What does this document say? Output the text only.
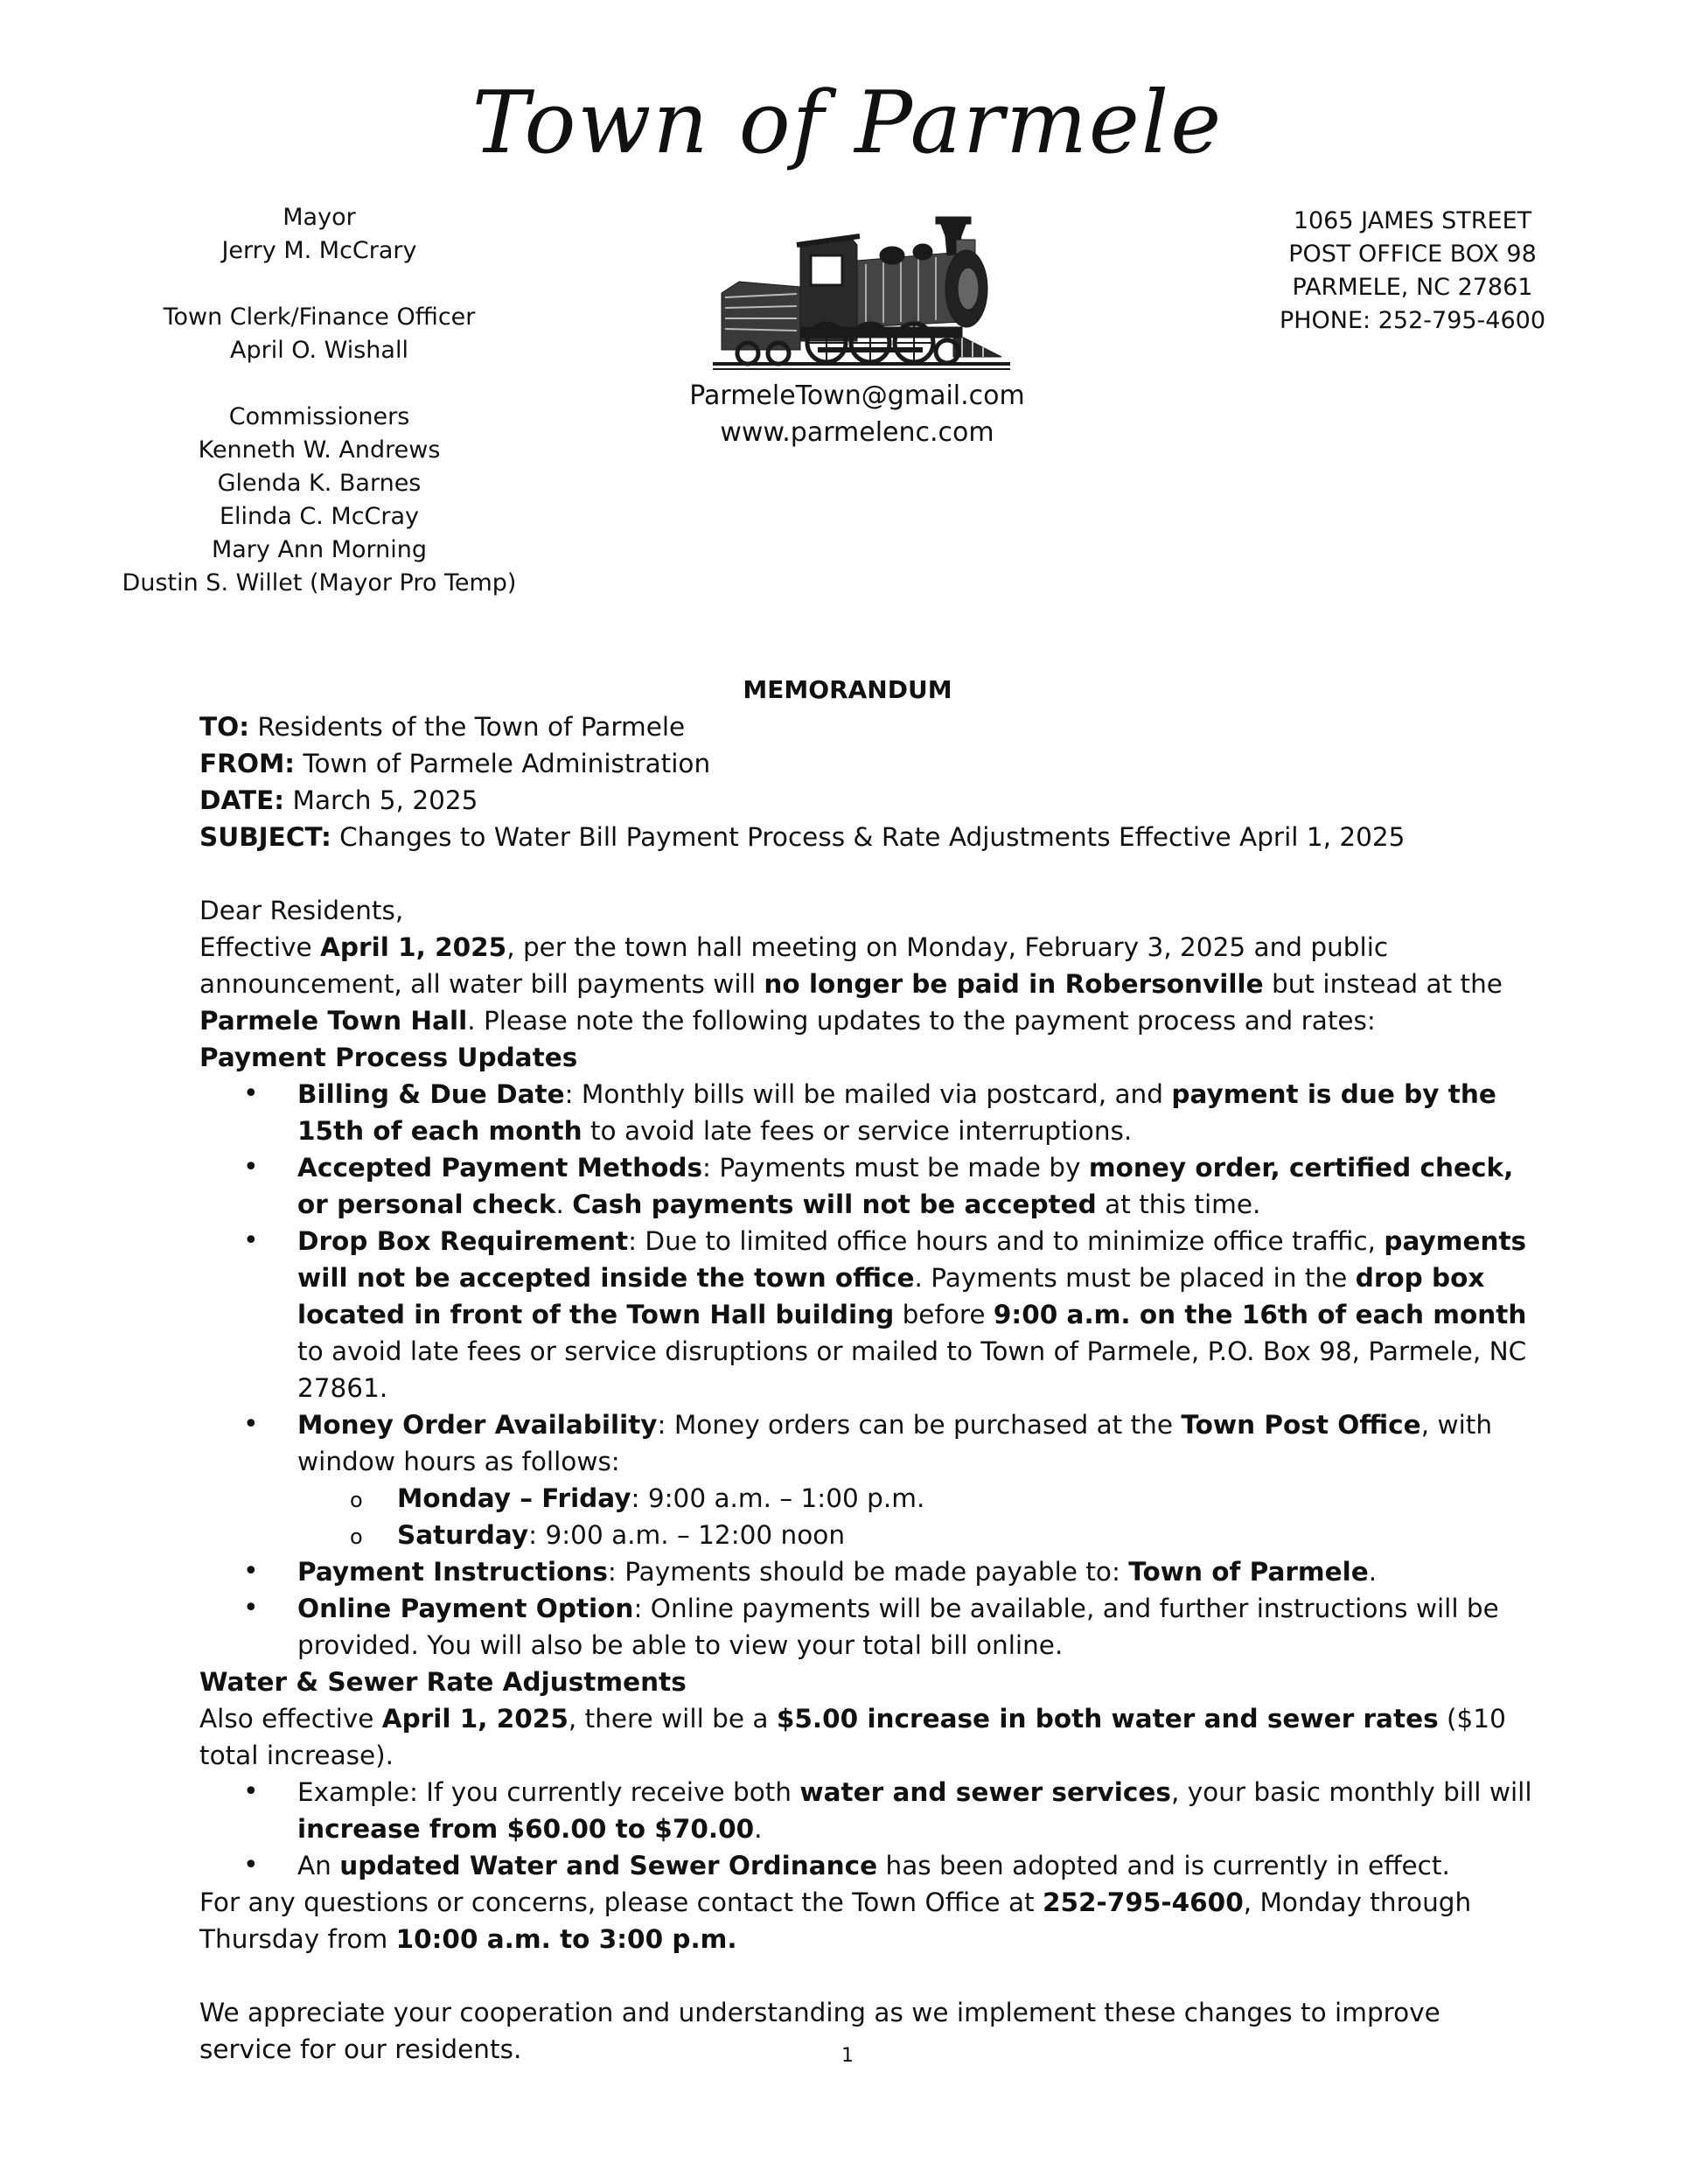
Town of Parmele
Mayor
Jerry M. McCrary
Town Clerk/Finance Officer
April O. Wishall
Commissioners
Kenneth W. Andrews
Glenda K. Barnes
Elinda C. McCray
Mary Ann Morning
Dustin S. Willet (Mayor Pro Temp)
1065 JAMES STREET
POST OFFICE BOX 98
PARMELE, NC 27861
PHONE: 252-795-4600
ParmeleTown@gmail.com
www.parmelenc.com
MEMORANDUM

TO: Residents of the Town of Parmele

FROM: Town of Parmele Administration

DATE: March 5, 2025

SUBJECT: Changes to Water Bill Payment Process & Rate Adjustments Effective April 1, 2025

Dear Residents,

Effective April 1, 2025, per the town hall meeting on Monday, February 3, 2025 and public announcement, all water bill payments will no longer be paid in Robersonville but instead at the Parmele Town Hall. Please note the following updates to the payment process and rates:

Payment Process Updates

• Billing & Due Date: Monthly bills will be mailed via postcard, and payment is due by the 15th of each month to avoid late fees or service interruptions.
• Accepted Payment Methods: Payments must be made by money order, certified check, or personal check. Cash payments will not be accepted at this time.
• Drop Box Requirement: Due to limited office hours and to minimize office traffic, payments will not be accepted inside the town office. Payments must be placed in the drop box located in front of the Town Hall building before 9:00 a.m. on the 16th of each month to avoid late fees or service disruptions or mailed to Town of Parmele, P.O. Box 98, Parmele, NC 27861.
• Money Order Availability: Money orders can be purchased at the Town Post Office, with window hours as follows:
o Monday – Friday: 9:00 a.m. – 1:00 p.m.
o Saturday: 9:00 a.m. – 12:00 noon
• Payment Instructions: Payments should be made payable to: Town of Parmele.
• Online Payment Option: Online payments will be available, and further instructions will be provided. You will also be able to view your total bill online.

Water & Sewer Rate Adjustments

Also effective April 1, 2025, there will be a $5.00 increase in both water and sewer rates ($10 total increase).

• Example: If you currently receive both water and sewer services, your basic monthly bill will increase from $60.00 to $70.00.
• An updated Water and Sewer Ordinance has been adopted and is currently in effect.

For any questions or concerns, please contact the Town Office at 252-795-4600, Monday through Thursday from 10:00 a.m. to 3:00 p.m.

We appreciate your cooperation and understanding as we implement these changes to improve service for our residents.	1
